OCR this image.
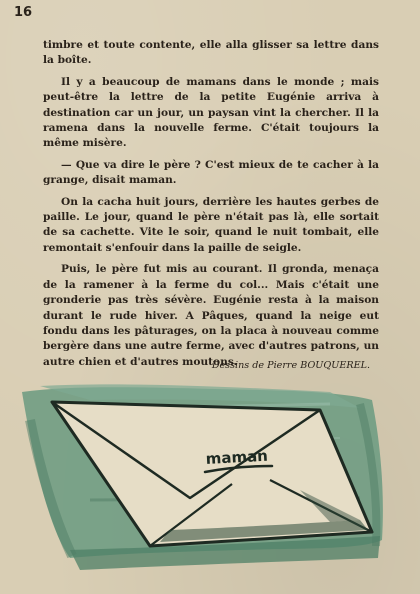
16

timbre et toute contente, elle alla glisser sa lettre dans la boîte.

Il y a beaucoup de mamans dans le monde ; mais peut-être la lettre de la petite Eugénie arriva à destination car un jour, un paysan vint la chercher. Il la ramena dans la nouvelle ferme. C'était toujours la même misère.

— Que va dire le père ? C'est mieux de te cacher à la grange, disait maman.

On la cacha huit jours, derrière les hautes gerbes de paille. Le jour, quand le père n'était pas là, elle sortait de sa cachette. Vite le soir, quand le nuit tombait, elle remontait s'enfouir dans la paille de seigle.

Puis, le père fut mis au courant. Il gronda, menaça de la ramener à la ferme du col... Mais c'était une gronderie pas très sévère. Eugénie resta à la maison durant le rude hiver. A Pâques, quand la neige eut fondu dans les pâturages, on la placa à nouveau comme bergère dans une autre ferme, avec d'autres patrons, un autre chien et d'autres moutons.

Dessins de Pierre BOUQUEREL.
maman
